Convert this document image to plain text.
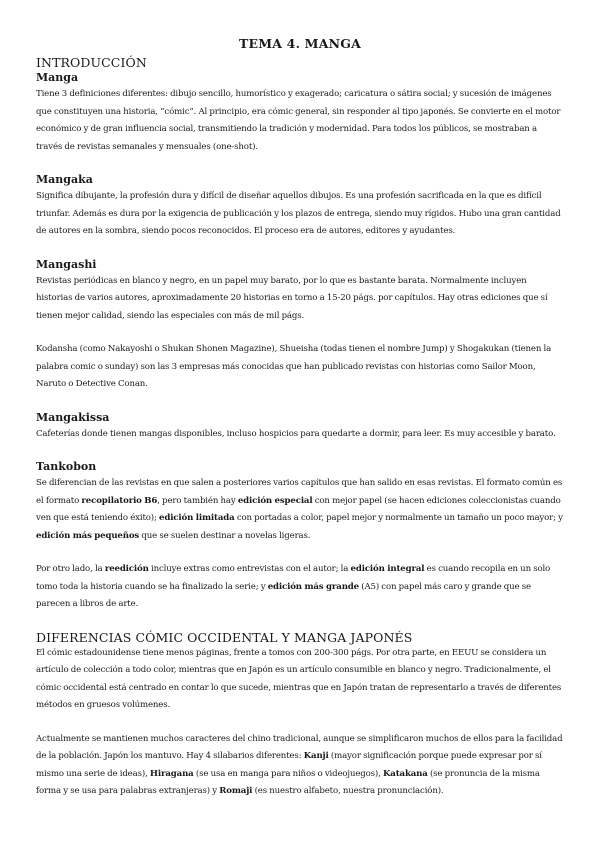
TEMA 4. MANGA
INTRODUCCIÓN
Manga

Tiene 3 definiciones diferentes: dibujo sencillo, humorístico y exagerado; caricatura o sátira social; y sucesión de imágenes que constituyen una historia, “cómic”. Al principio, era cómic general, sin responder al tipo japonés. Se convierte en el motor económico y de gran influencia social, transmitiendo la tradición y modernidad. Para todos los públicos, se mostraban a través de revistas semanales y mensuales (one-shot).

Mangaka

Significa dibujante, la profesión dura y difícil de diseñar aquellos dibujos. Es una profesión sacrificada en la que es difícil triunfar. Además es dura por la exigencia de publicación y los plazos de entrega, siendo muy rígidos. Hubo una gran cantidad de autores en la sombra, siendo pocos reconocidos. El proceso era de autores, editores y ayudantes.

Mangashi

Revistas periódicas en blanco y negro, en un papel muy barato, por lo que es bastante barata. Normalmente incluyen historias de varios autores, aproximadamente 20 historias en torno a 15-20 págs. por capítulos. Hay otras ediciones que sí tienen mejor calidad, siendo las especiales con más de mil págs.

Kodansha (como Nakayoshi o Shukan Shonen Magazine), Shueisha (todas tienen el nombre Jump) y Shogakukan (tienen la palabra comic o sunday) son las 3 empresas más conocidas que han publicado revistas con historias como Sailor Moon, Naruto o Detective Conan.

Mangakissa

Cafeterías donde tienen mangas disponibles, incluso hospicios para quedarte a dormir, para leer. Es muy accesible y barato.

Tankobon

Se diferencian de las revistas en que salen a posteriores varios capítulos que han salido en esas revistas. El formato común es el formato recopilatorio B6, pero también hay edición especial con mejor papel (se hacen ediciones coleccionistas cuando ven que está teniendo éxito); edición limitada con portadas a color, papel mejor y normalmente un tamaño un poco mayor; y edición más pequeños que se suelen destinar a novelas ligeras.

Por otro lado, la reedición incluye extras como entrevistas con el autor; la edición integral es cuando recopila en un solo tomo toda la historia cuando se ha finalizado la serie; y edición más grande (A5) con papel más caro y grande que se parecen a libros de arte.

DIFERENCIAS CÓMIC OCCIDENTAL Y MANGA JAPONÉS

El cómic estadounidense tiene menos páginas, frente a tomos con 200-300 págs. Por otra parte, en EEUU se considera un artículo de colección a todo color, mientras que en Japón es un artículo consumible en blanco y negro. Tradicionalmente, el cómic occidental está centrado en contar lo que sucede, mientras que en Japón tratan de representarlo a través de diferentes métodos en gruesos volúmenes.

Actualmente se mantienen muchos caracteres del chino tradicional, aunque se simplificaron muchos de ellos para la facilidad de la población. Japón los mantuvo. Hay 4 silabarios diferentes: Kanji (mayor significación porque puede expresar por sí mismo una serie de ideas), Hiragana (se usa en manga para niños o videojuegos), Katakana (se pronuncia de la misma forma y se usa para palabras extranjeras) y Romaji (es nuestro alfabeto, nuestra pronunciación).
